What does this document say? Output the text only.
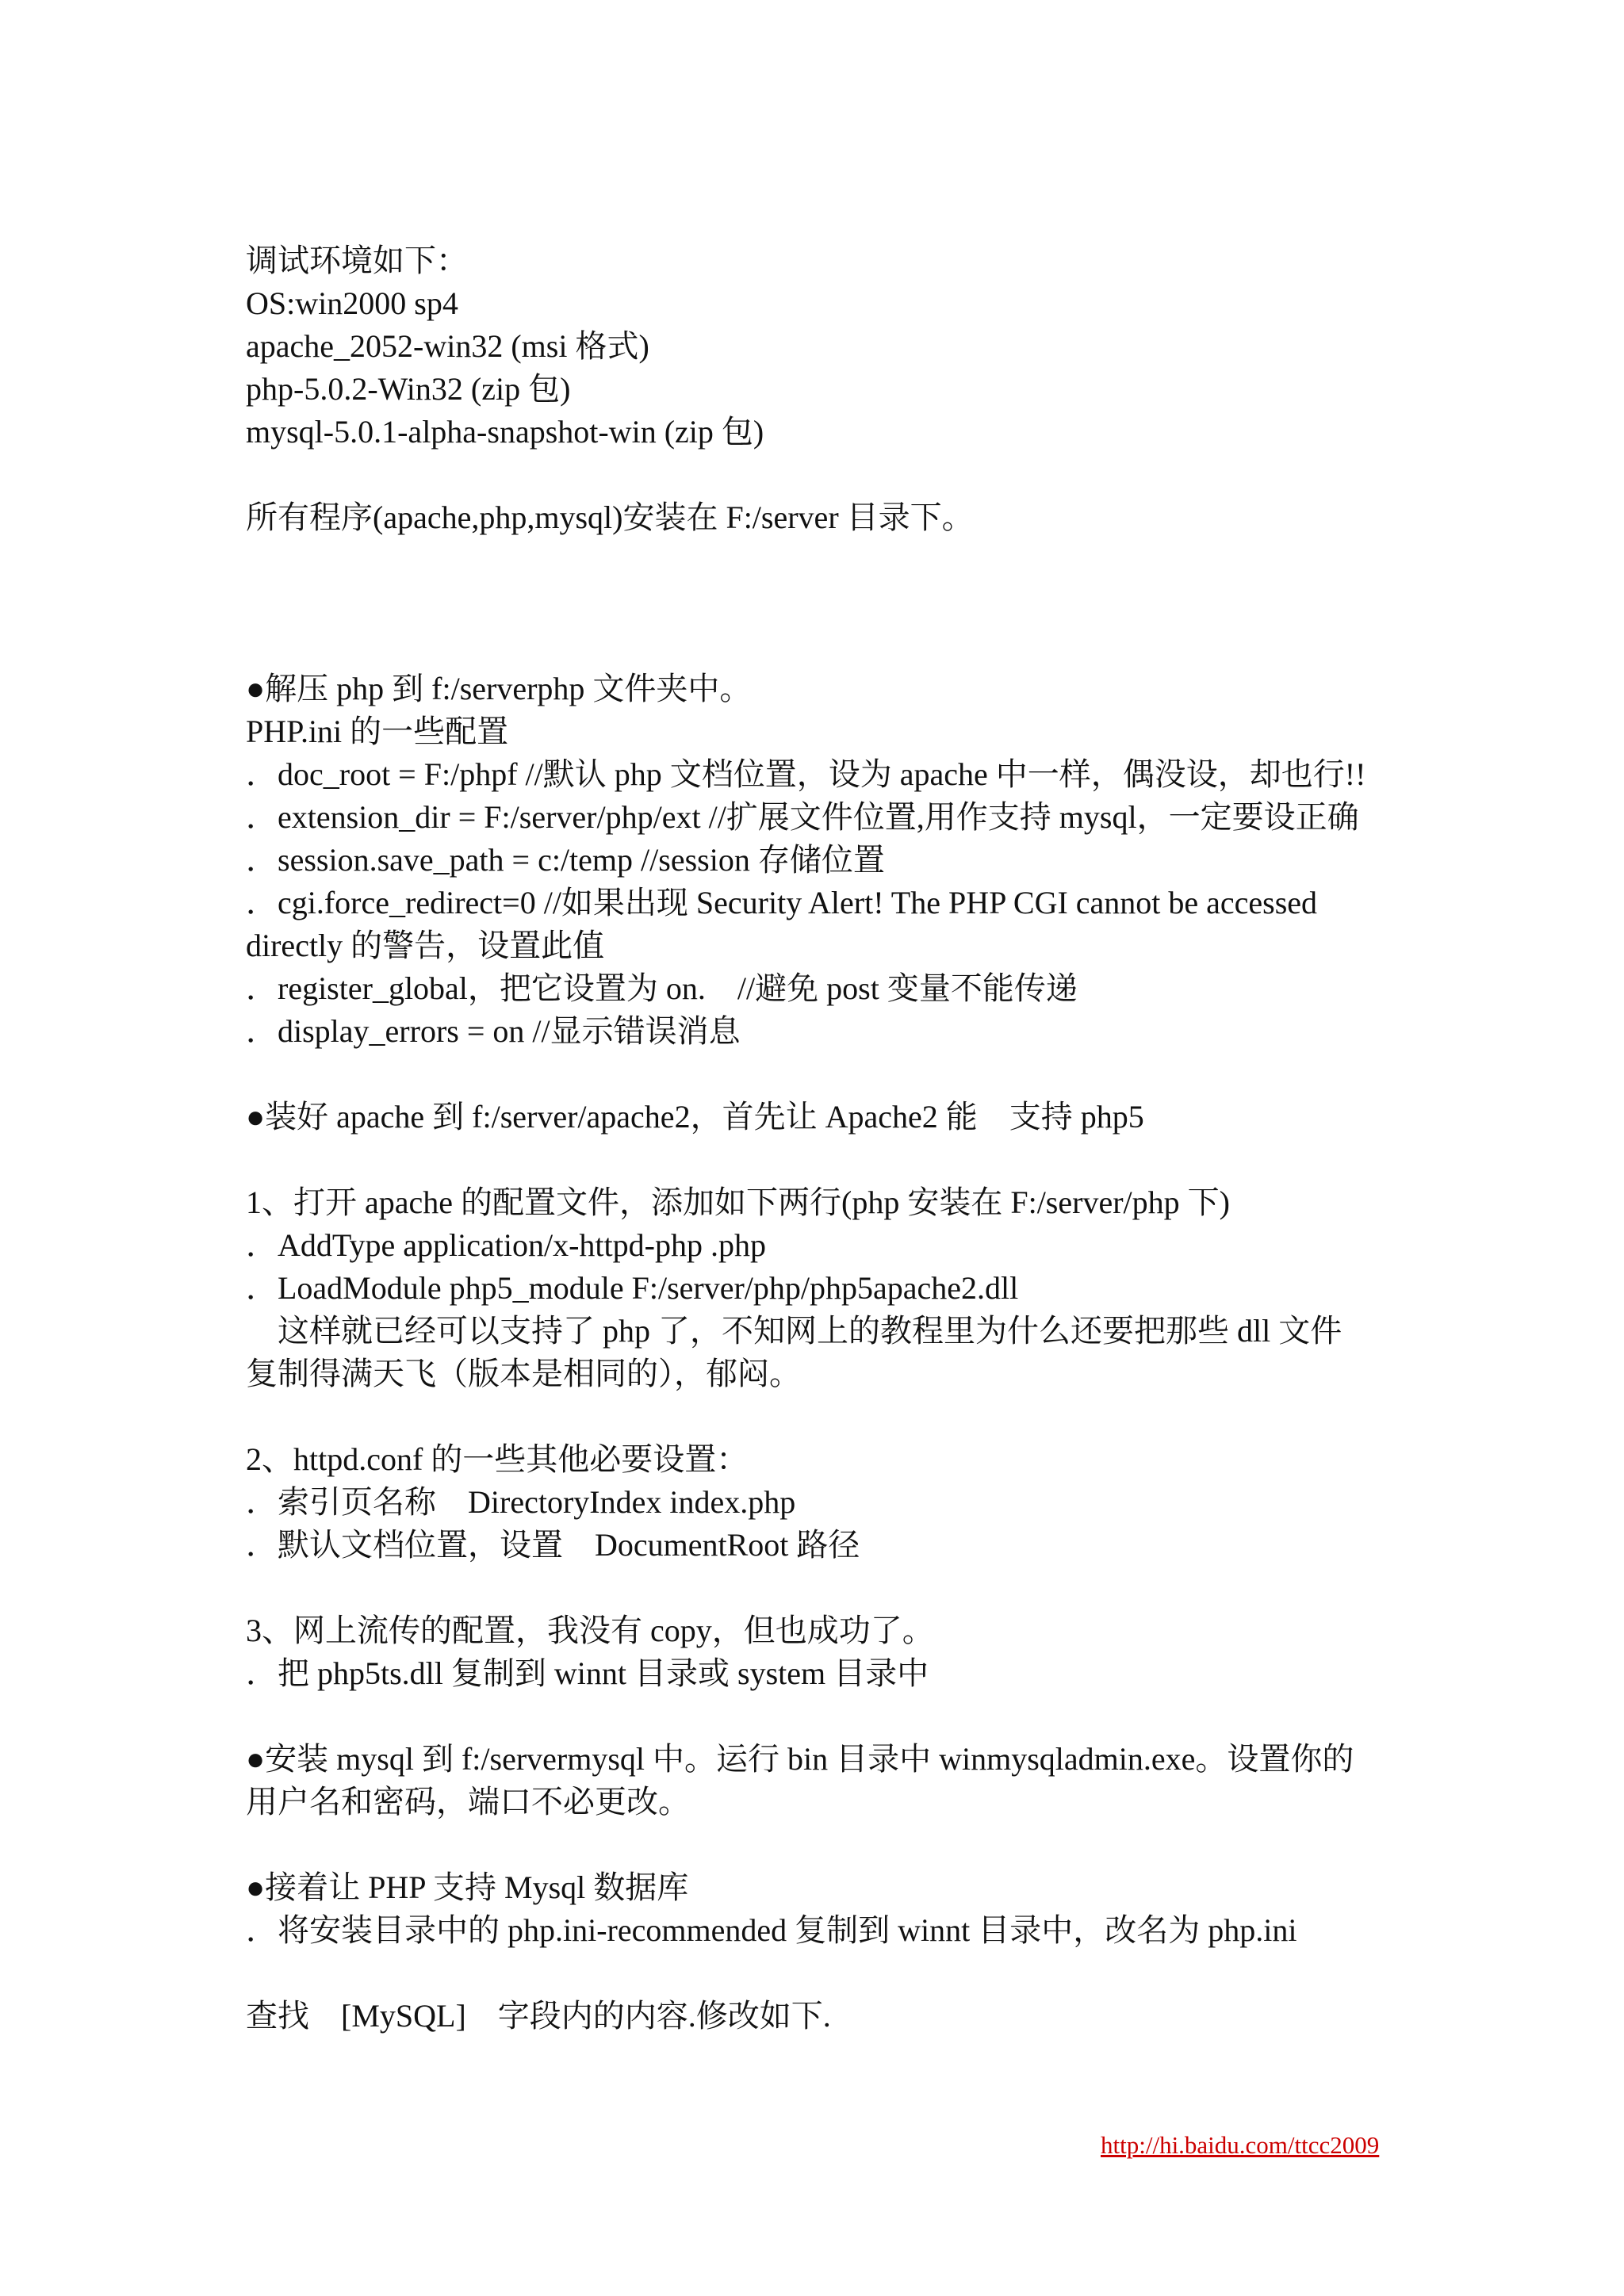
调试环境如下：
OS:win2000 sp4
apache_2052-win32 (msi 格式)
php-5.0.2-Win32 (zip 包)
mysql-5.0.1-alpha-snapshot-win (zip 包)
所有程序(apache,php,mysql)安装在 F:/server 目录下。
●解压 php 到 f:/serverphp 文件夹中。
PHP.ini 的一些配置
．doc_root = F:/phpf //默认 php 文档位置，设为 apache 中一样，偶没设，却也行!!
．extension_dir = F:/server/php/ext //扩展文件位置,用作支持 mysql，一定要设正确
．session.save_path = c:/temp //session 存储位置
．cgi.force_redirect=0 //如果出现 Security Alert! The PHP CGI cannot be accessed
directly 的警告，设置此值
．register_global，把它设置为 on.　//避免 post 变量不能传递
．display_errors = on //显示错误消息
●装好 apache 到 f:/server/apache2，首先让 Apache2 能　支持 php5
1、打开 apache 的配置文件，添加如下两行(php 安装在 F:/server/php 下)
．AddType application/x-httpd-php .php
．LoadModule php5_module F:/server/php/php5apache2.dll
　这样就已经可以支持了 php 了，不知网上的教程里为什么还要把那些 dll 文件
复制得满天飞（版本是相同的），郁闷。
2、httpd.conf 的一些其他必要设置：
．索引页名称　DirectoryIndex index.php
．默认文档位置，设置　DocumentRoot 路径
3、网上流传的配置，我没有 copy，但也成功了。
．把 php5ts.dll 复制到 winnt 目录或 system 目录中
●安装 mysql 到 f:/servermysql 中。运行 bin 目录中 winmysqladmin.exe。设置你的
用户名和密码，端口不必更改。
●接着让 PHP 支持 Mysql 数据库
．将安装目录中的 php.ini-recommended 复制到 winnt 目录中，改名为 php.ini
查找　[MySQL]　字段内的内容.修改如下.
http://hi.baidu.com/ttcc2009
